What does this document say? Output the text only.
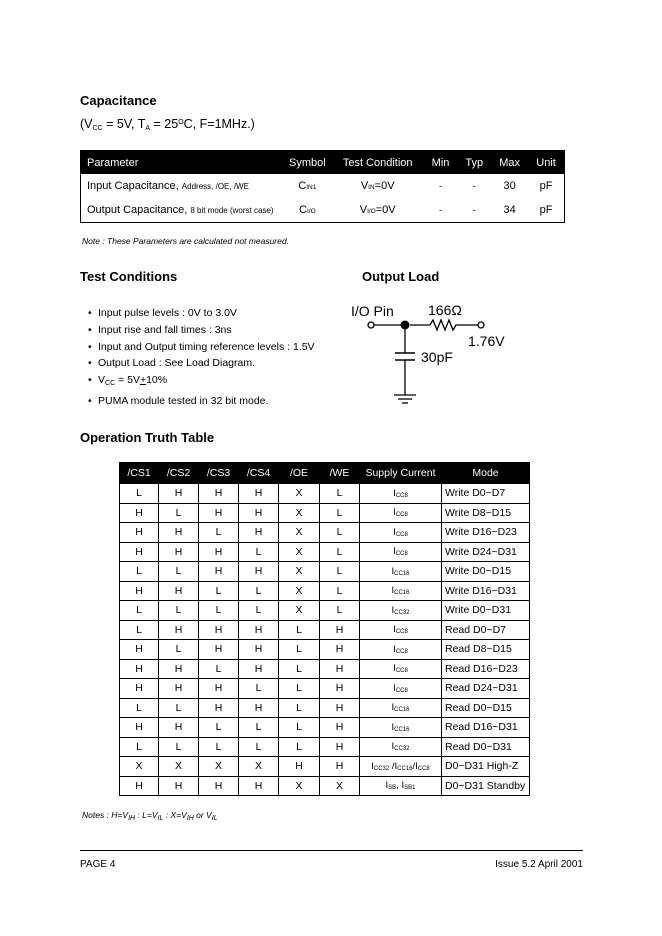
Capacitance
($V_{CC} = 5V$, $T_A = 25^OC$, F=1MHz.)
Parameter	Symbol	Test Condition	Min	Typ	Max	Unit
Input Capacitance, Address, /OE, /WE	CIN1	VIN=0V	-	-	30	pF
Output Capacitance, 8 bit mode (worst case)	CI/O	VI/O=0V	-	-	34	pF
Note : These Parameters are calculated not measured.
Test Conditions
• Input pulse levels : 0V to 3.0V
• Input rise and fall times : 3ns
• Input and Output timing reference levels : 1.5V
• Output Load : See Load Diagram.
• $V_{CC} = 5V+10\%$
• PUMA module tested in 32 bit mode.
Output Load
I/O Pin 166Ω
1.76V
30pF
Operation Truth Table
/CS1	/CS2	/CS3	/CS4	/OE	/WE	Supply Current	Mode
L	H	H	H	X	L	ICC8	Write D0~D7
H	L	H	H	X	L	ICC8	Write D8~D15
H	H	L	H	X	L	ICC8	Write D16~D23
H	H	H	L	X	L	ICC8	Write D24~D31
L	L	H	H	X	L	ICC16	Write D0~D15
H	H	L	L	X	L	ICC16	Write D16~D31
L	L	L	L	X	L	ICC32	Write D0~D31
L	H	H	H	L	H	ICC8	Read D0~D7
H	L	H	H	L	H	ICC8	Read D8~D15
H	H	L	H	L	H	ICC8	Read D16~D23
H	H	H	L	L	H	ICC8	Read D24~D31
L	L	H	H	L	H	ICC16	Read D0~D15
H	H	L	L	L	H	ICC16	Read D16~D31
L	L	L	L	L	H	ICC32	Read D0~D31
X	X	X	X	H	H	ICC32 /ICC16/ICC8	D0~D31 High-Z
H	H	H	H	X	X	ISB, ISB1	D0~D31 Standby
Notes : $H=V_{IH}$ : $L=V_{IL}$ : $X=V_{IH}$ or $V_{IL}$
PAGE 4	Issue 5.2 April 2001
